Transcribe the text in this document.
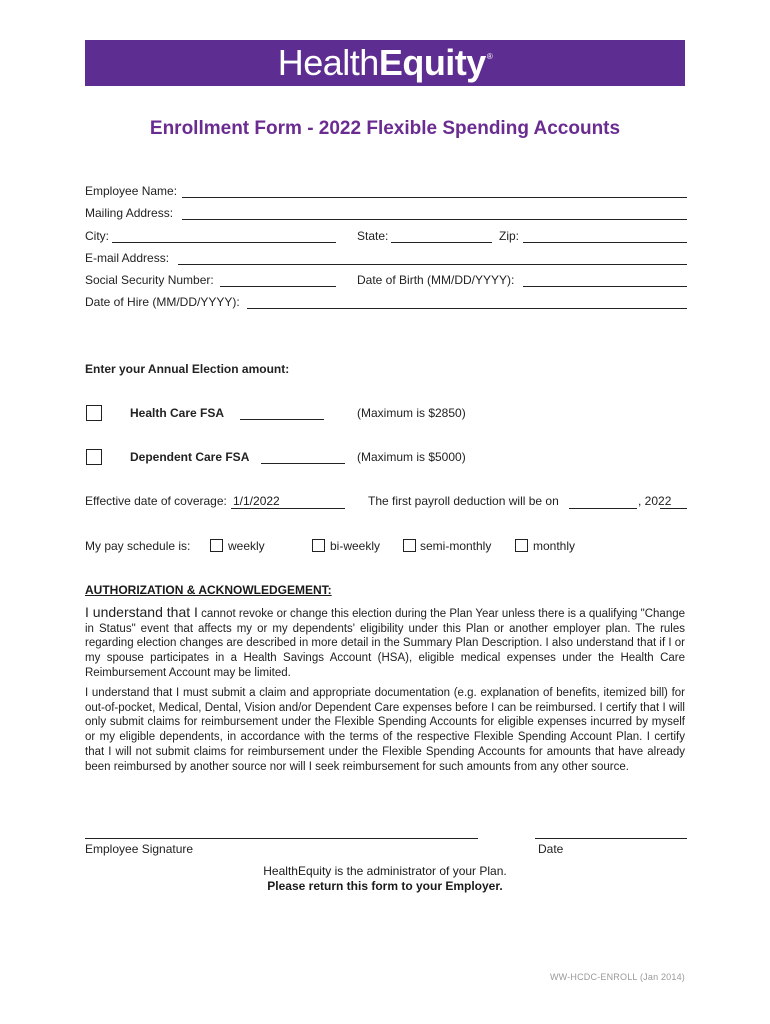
HealthEquity®
Enrollment Form - 2022 Flexible Spending Accounts
Employee Name:
Mailing Address:
City:	State:	Zip:
E-mail Address:
Social Security Number:	Date of Birth (MM/DD/YYYY):
Date of Hire (MM/DD/YYYY):
Enter your Annual Election amount:
Health Care FSA	(Maximum is $2850)
Dependent Care FSA	(Maximum is $5000)
Effective date of coverage: 1/1/2022	The first payroll deduction will be on	, 2022
My pay schedule is:	weekly	bi-weekly	semi-monthly	monthly
AUTHORIZATION & ACKNOWLEDGEMENT:
I understand that I cannot revoke or change this election during the Plan Year unless there is a qualifying "Change in Status" event that affects my or my dependents' eligibility under this Plan or another employer plan. The rules regarding election changes are described in more detail in the Summary Plan Description. I also understand that if I or my spouse participates in a Health Savings Account (HSA), eligible medical expenses under the Health Care Reimbursement Account may be limited.
I understand that I must submit a claim and appropriate documentation (e.g. explanation of benefits, itemized bill) for out-of-pocket, Medical, Dental, Vision and/or Dependent Care expenses before I can be reimbursed. I certify that I will only submit claims for reimbursement under the Flexible Spending Accounts for eligible expenses incurred by myself or my eligible dependents, in accordance with the terms of the respective Flexible Spending Account Plan. I certify that I will not submit claims for reimbursement under the Flexible Spending Accounts for amounts that have already been reimbursed by another source nor will I seek reimbursement for such amounts from any other source.
Employee Signature	Date
HealthEquity is the administrator of your Plan.
Please return this form to your Employer.
WW-HCDC-ENROLL (Jan 2014)
